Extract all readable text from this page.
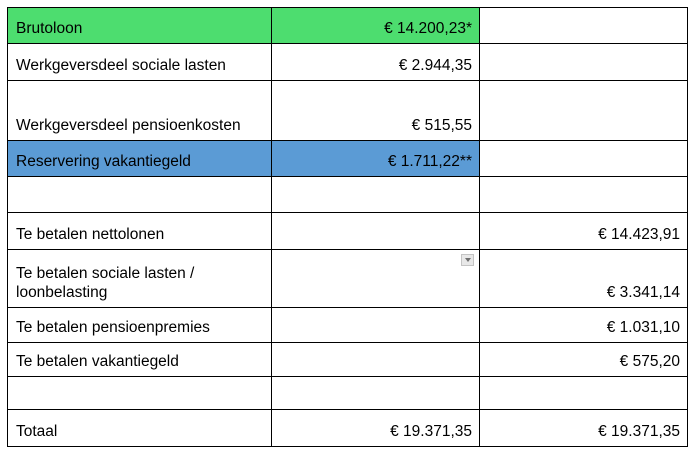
Brutoloon	€ 14.200,23*	
Werkgeversdeel sociale lasten	€ 2.944,35	
Werkgeversdeel pensioenkosten	€ 515,55	
Reservering vakantiegeld	€ 1.711,22**	

Te betalen nettolonen		€ 14.423,91
Te betalen sociale lasten / loonbelasting		€ 3.341,14
Te betalen pensioenpremies		€ 1.031,10
Te betalen vakantiegeld		€ 575,20

Totaal	€ 19.371,35	€ 19.371,35
